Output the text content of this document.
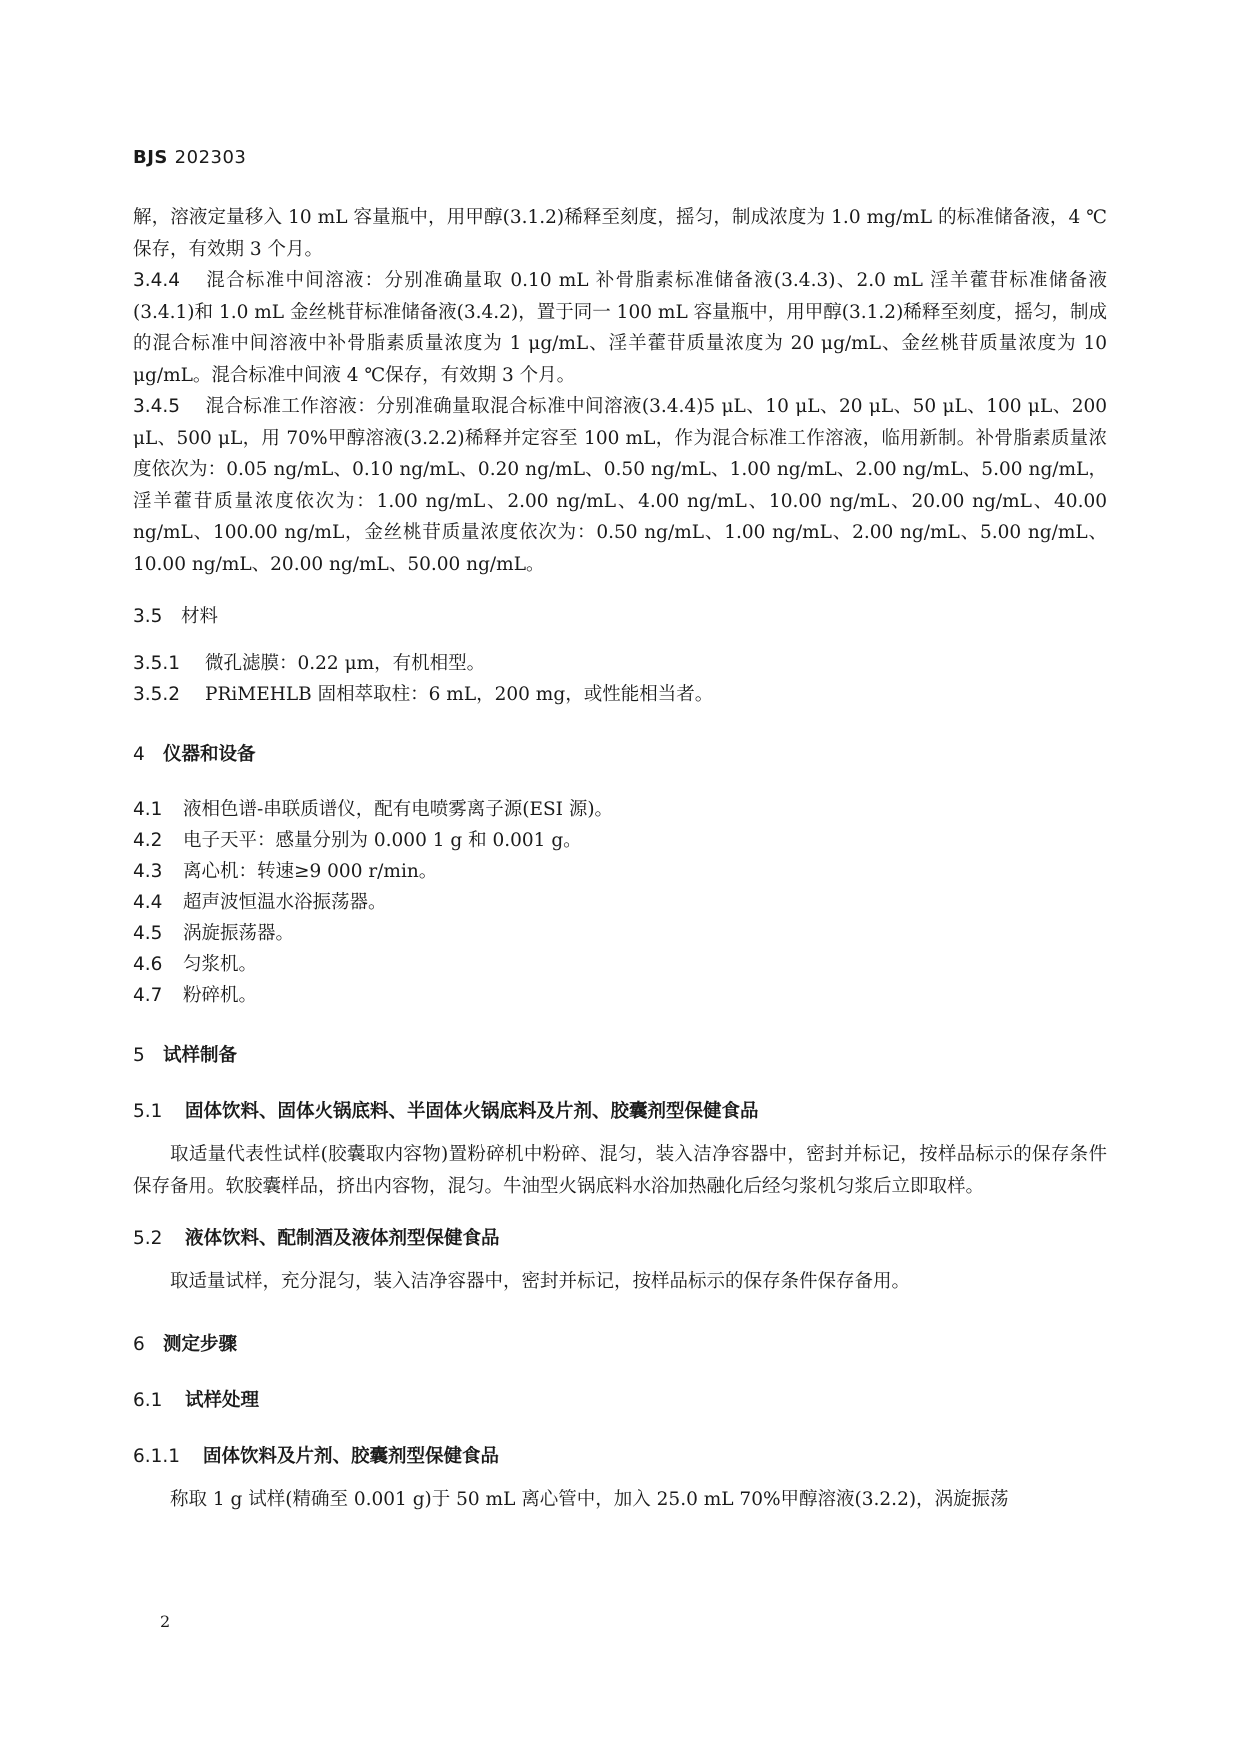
BJS 202303

解，溶液定量移入 10 mL 容量瓶中，用甲醇(3.1.2)稀释至刻度，摇匀，制成浓度为 1.0 mg/mL 的标准储备液，4 ℃保存，有效期 3 个月。

3.4.4 混合标准中间溶液：分别准确量取 0.10 mL 补骨脂素标准储备液(3.4.3)、2.0 mL 淫羊藿苷标准储备液(3.4.1)和 1.0 mL 金丝桃苷标准储备液(3.4.2)，置于同一 100 mL 容量瓶中，用甲醇(3.1.2)稀释至刻度，摇匀，制成的混合标准中间溶液中补骨脂素质量浓度为 1 μg/mL、淫羊藿苷质量浓度为 20 μg/mL、金丝桃苷质量浓度为 10 μg/mL。混合标准中间液 4 ℃保存，有效期 3 个月。

3.4.5 混合标准工作溶液：分别准确量取混合标准中间溶液(3.4.4)5 μL、10 μL、20 μL、50 μL、100 μL、200 μL、500 μL，用 70%甲醇溶液(3.2.2)稀释并定容至 100 mL，作为混合标准工作溶液，临用新制。补骨脂素质量浓度依次为：0.05 ng/mL、0.10 ng/mL、0.20 ng/mL、0.50 ng/mL、1.00 ng/mL、2.00 ng/mL、5.00 ng/mL，淫羊藿苷质量浓度依次为：1.00 ng/mL、2.00 ng/mL、4.00 ng/mL、10.00 ng/mL、20.00 ng/mL、40.00 ng/mL、100.00 ng/mL，金丝桃苷质量浓度依次为：0.50 ng/mL、1.00 ng/mL、2.00 ng/mL、5.00 ng/mL、10.00 ng/mL、20.00 ng/mL、50.00 ng/mL。

3.5 材料

3.5.1 微孔滤膜：0.22 μm，有机相型。

3.5.2 PRiMEHLB 固相萃取柱：6 mL，200 mg，或性能相当者。

4 仪器和设备

4.1 液相色谱-串联质谱仪，配有电喷雾离子源(ESI 源)。

4.2 电子天平：感量分别为 0.000 1 g 和 0.001 g。

4.3 离心机：转速≥9 000 r/min。

4.4 超声波恒温水浴振荡器。

4.5 涡旋振荡器。

4.6 匀浆机。

4.7 粉碎机。

5 试样制备

5.1 固体饮料、固体火锅底料、半固体火锅底料及片剂、胶囊剂型保健食品

取适量代表性试样(胶囊取内容物)置粉碎机中粉碎、混匀，装入洁净容器中，密封并标记，按样品标示的保存条件保存备用。软胶囊样品，挤出内容物，混匀。牛油型火锅底料水浴加热融化后经匀浆机匀浆后立即取样。

5.2 液体饮料、配制酒及液体剂型保健食品

取适量试样，充分混匀，装入洁净容器中，密封并标记，按样品标示的保存条件保存备用。

6 测定步骤

6.1 试样处理

6.1.1 固体饮料及片剂、胶囊剂型保健食品

称取 1 g 试样(精确至 0.001 g)于 50 mL 离心管中，加入 25.0 mL 70%甲醇溶液(3.2.2)，涡旋振荡

2
